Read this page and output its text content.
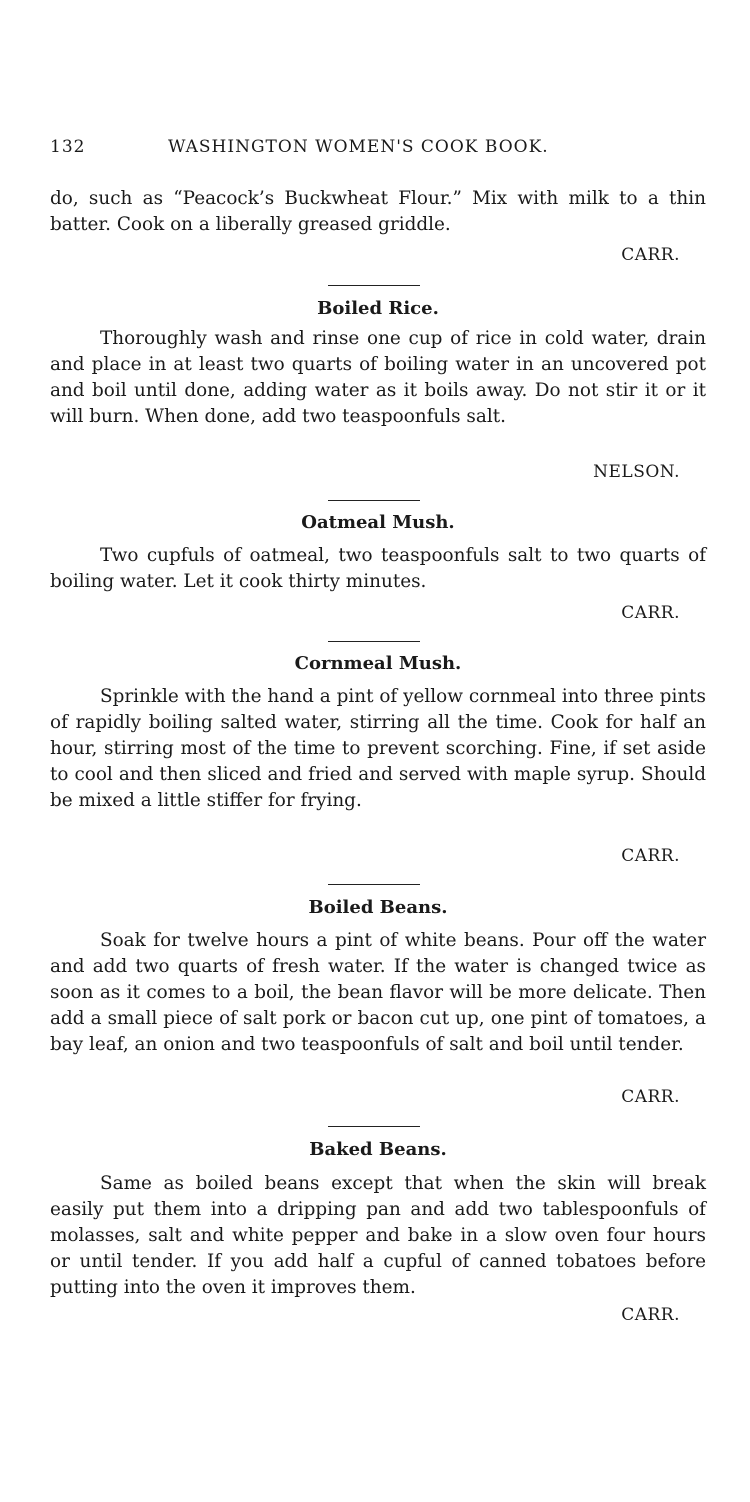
132	WASHINGTON WOMEN'S COOK BOOK.

do, such as “Peacock’s Buckwheat Flour.” Mix with milk to a thin batter. Cook on a liberally greased griddle.

CARR.
Boiled Rice.

Thoroughly wash and rinse one cup of rice in cold water, drain and place in at least two quarts of boiling water in an uncovered pot and boil until done, adding water as it boils away. Do not stir it or it will burn. When done, add two teaspoonfuls salt.

NELSON.
Oatmeal Mush.

Two cupfuls of oatmeal, two teaspoonfuls salt to two quarts of boiling water. Let it cook thirty minutes.

CARR.
Cornmeal Mush.

Sprinkle with the hand a pint of yellow cornmeal into three pints of rapidly boiling salted water, stirring all the time. Cook for half an hour, stirring most of the time to prevent scorching. Fine, if set aside to cool and then sliced and fried and served with maple syrup. Should be mixed a little stiffer for frying.

CARR.
Boiled Beans.

Soak for twelve hours a pint of white beans. Pour off the water and add two quarts of fresh water. If the water is changed twice as soon as it comes to a boil, the bean flavor will be more delicate. Then add a small piece of salt pork or bacon cut up, one pint of tomatoes, a bay leaf, an onion and two teaspoonfuls of salt and boil until tender.

CARR.
Baked Beans.

Same as boiled beans except that when the skin will break easily put them into a dripping pan and add two tablespoonfuls of molasses, salt and white pepper and bake in a slow oven four hours or until tender. If you add half a cupful of canned tobatoes before putting into the oven it improves them.

CARR.
